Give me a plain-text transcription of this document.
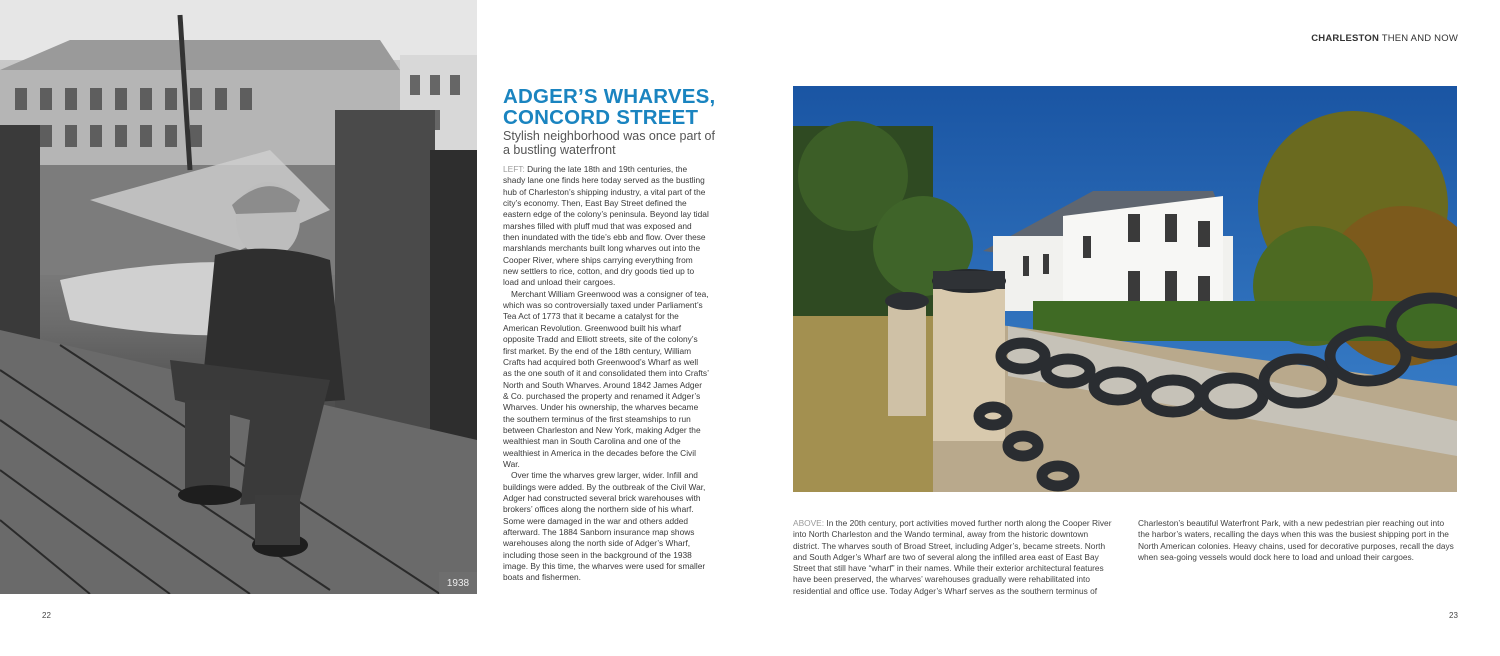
1938
ADGER’S WHARVES,
CONCORD STREET
Stylish neighborhood was once part of a bustling waterfront

LEFT: During the late 18th and 19th centuries, the shady lane one finds here today served as the bustling hub of Charleston’s shipping industry, a vital part of the city’s economy. Then, East Bay Street defined the eastern edge of the colony’s peninsula. Beyond lay tidal marshes filled with pluff mud that was exposed and then inundated with the tide’s ebb and flow. Over these marshlands merchants built long wharves out into the Cooper River, where ships carrying everything from new settlers to rice, cotton, and dry goods tied up to load and unload their cargoes.

Merchant William Greenwood was a consigner of tea, which was so controversially taxed under Parliament’s Tea Act of 1773 that it became a catalyst for the American Revolution. Greenwood built his wharf opposite Tradd and Elliott streets, site of the colony’s first market. By the end of the 18th century, William Crafts had acquired both Greenwood’s Wharf as well as the one south of it and consolidated them into Crafts’ North and South Wharves. Around 1842 James Adger & Co. purchased the property and renamed it Adger’s Wharves. Under his ownership, the wharves became the southern terminus of the first steamships to run between Charleston and New York, making Adger the wealthiest man in South Carolina and one of the wealthiest in America in the decades before the Civil War.

Over time the wharves grew larger, wider. Infill and buildings were added. By the outbreak of the Civil War, Adger had constructed several brick warehouses with brokers’ offices along the northern side of his wharf. Some were damaged in the war and others added afterward. The 1884 Sanborn insurance map shows warehouses along the north side of Adger’s Wharf, including those seen in the background of the 1938 image. By this time, the wharves were used for smaller boats and fishermen.

22
CHARLESTON THEN AND NOW
ABOVE: In the 20th century, port activities moved further north along the Cooper River into North Charleston and the Wando terminal, away from the historic downtown district. The wharves south of Broad Street, including Adger’s, became streets. North and South Adger’s Wharf are two of several along the infilled area east of East Bay Street that still have “wharf” in their names. While their exterior architectural features have been preserved, the wharves’ warehouses gradually were rehabilitated into residential and office use. Today Adger’s Wharf serves as the southern terminus of
Charleston’s beautiful Waterfront Park, with a new pedestrian pier reaching out into the harbor’s waters, recalling the days when this was the busiest shipping port in the North American colonies. Heavy chains, used for decorative purposes, recall the days when sea-going vessels would dock here to load and unload their cargoes.
23
